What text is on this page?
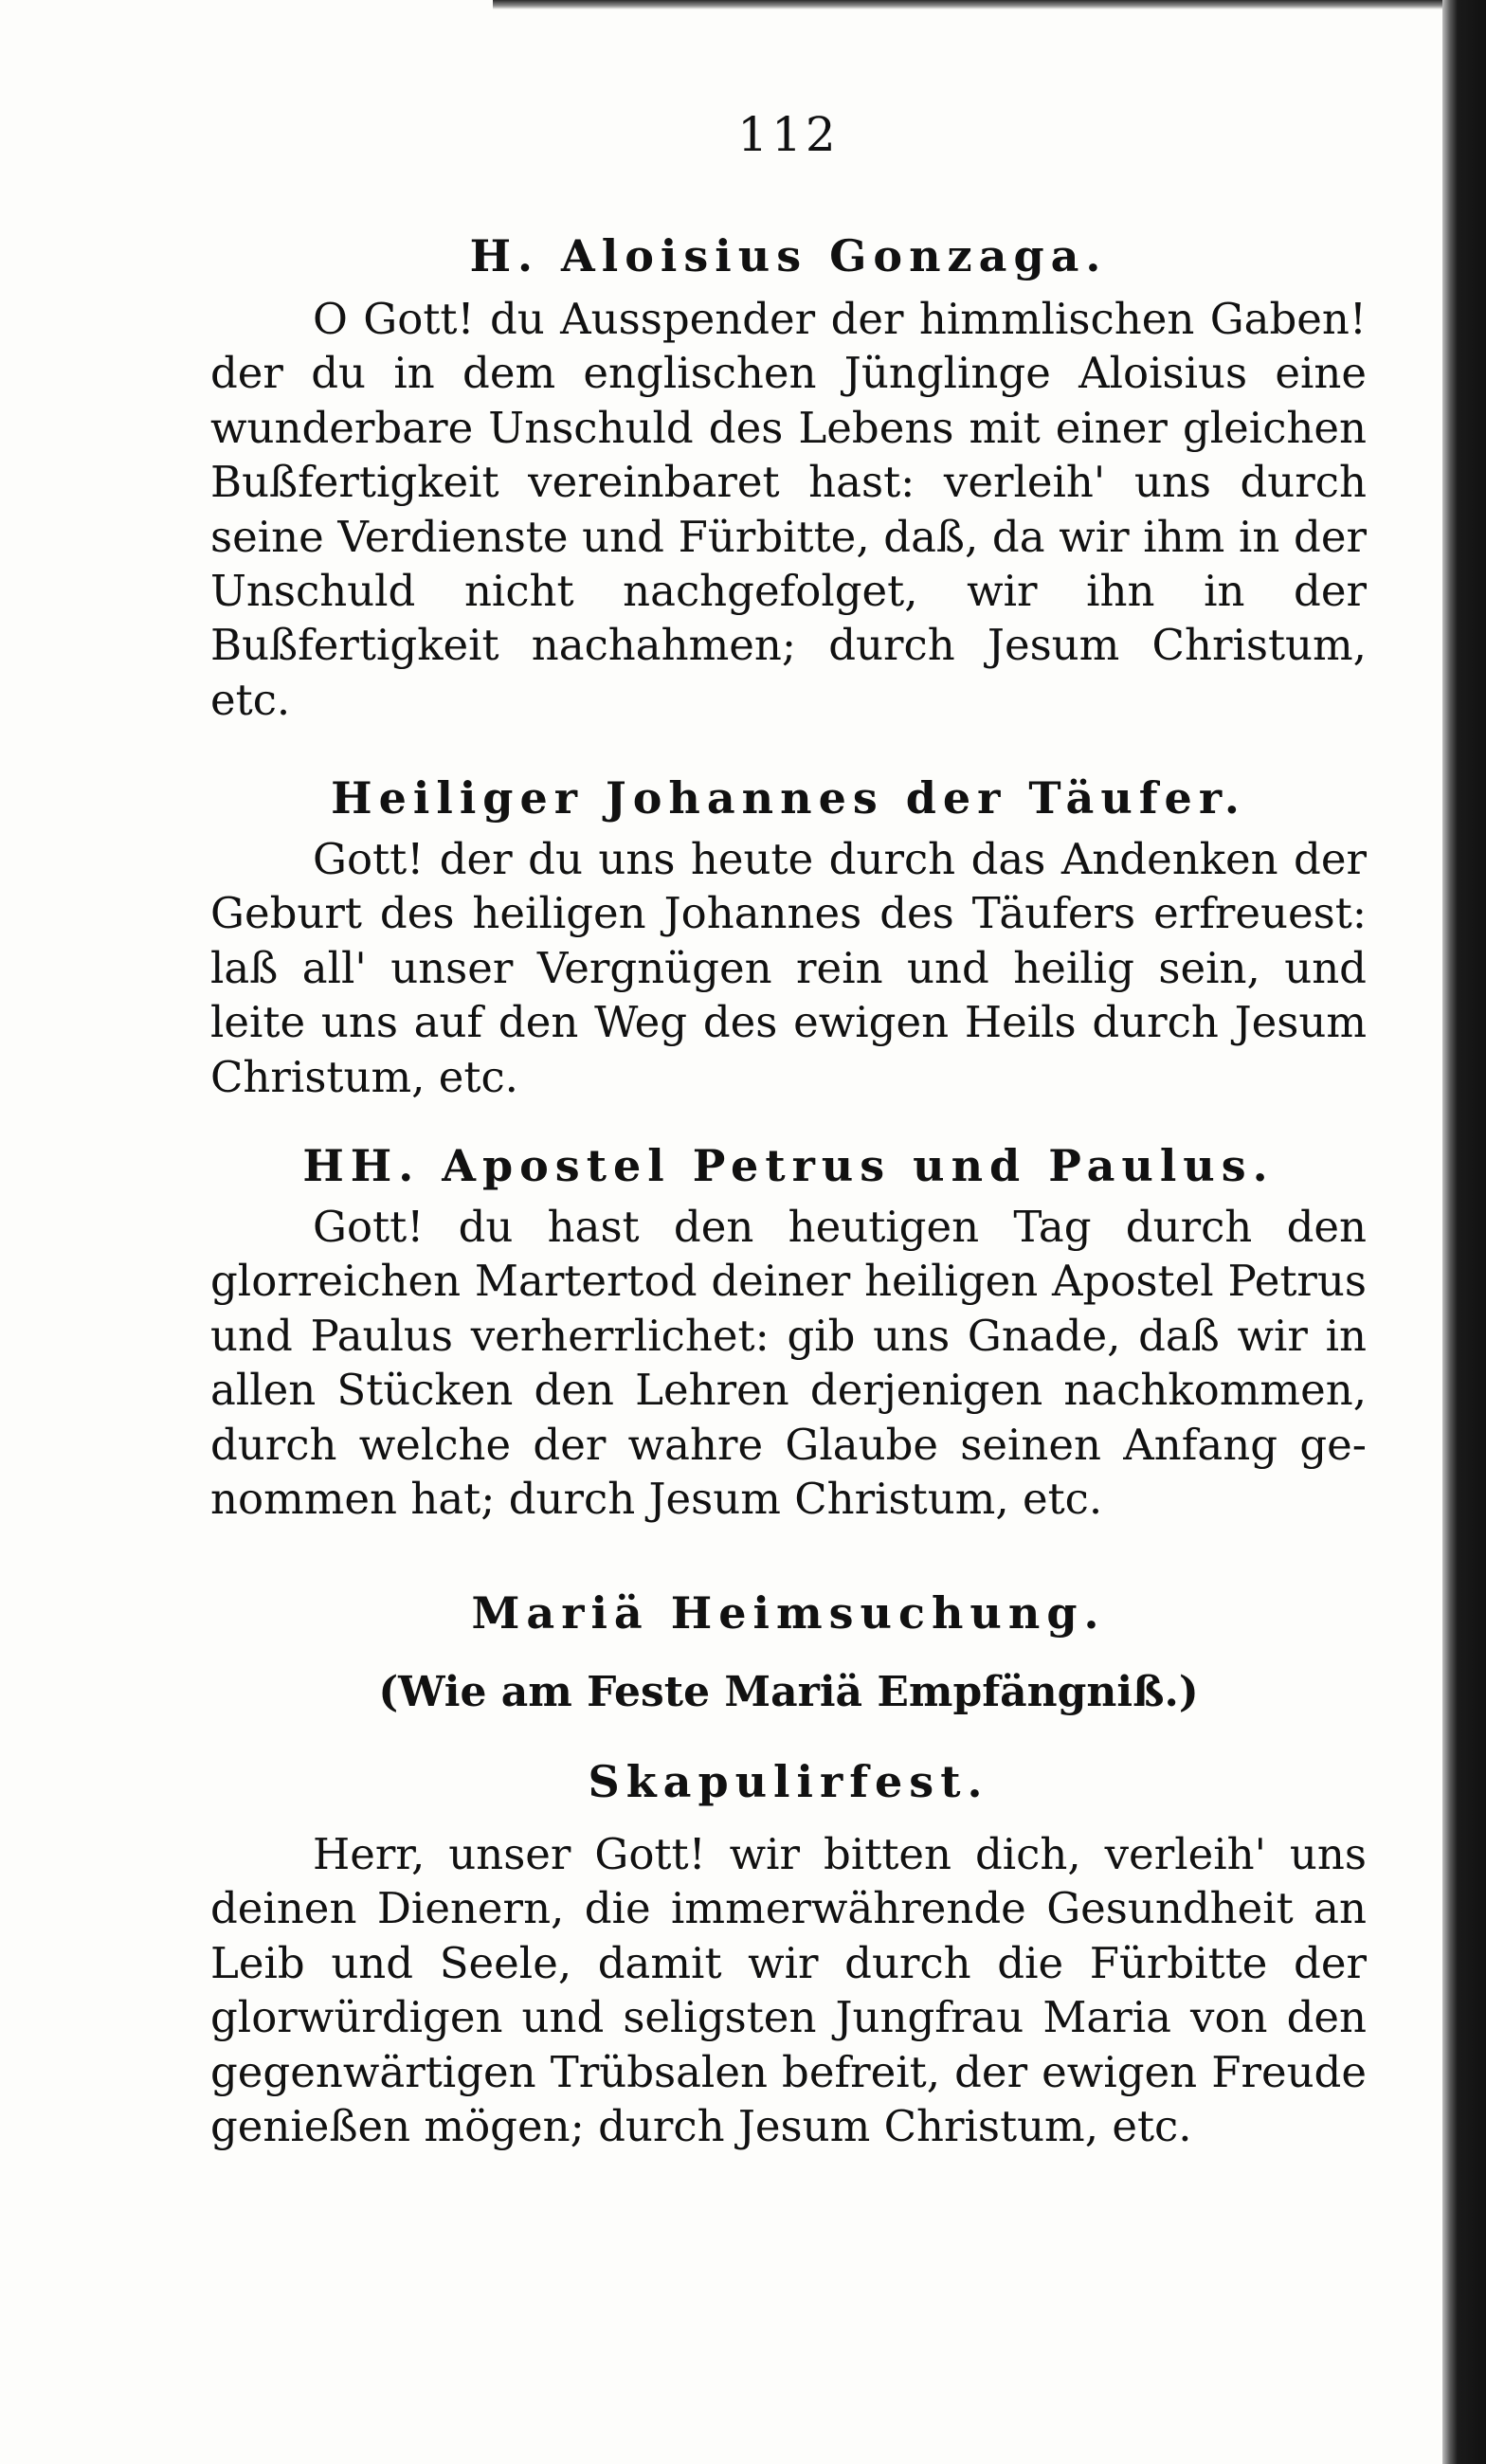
112
H. Aloisius Gonzaga.

O Gott! du Ausspender der himmlischen Gaben! der du in dem englischen Jünglinge Aloisius eine wunderbare Unschuld des Lebens mit einer gleichen Bußfertigkeit vereinbaret hast: verleih' uns durch seine Verdienste und Fürbitte, daß, da wir ihm in der Unschuld nicht nachgefolget, wir ihn in der Bußfertigkeit nachahmen; durch Jesum Christum, etc.

Heiliger Johannes der Täufer.

Gott! der du uns heute durch das Andenken der Geburt des heiligen Johannes des Täufers erfreuest: laß all' unser Vergnügen rein und heilig sein, und leite uns auf den Weg des ewigen Heils durch Jesum Christum, etc.

HH. Apostel Petrus und Paulus.

Gott! du hast den heutigen Tag durch den glorreichen Martertod deiner heiligen Apostel Petrus und Paulus verherrlichet: gib uns Gnade, daß wir in allen Stücken den Lehren derjenigen nachkommen, durch welche der wahre Glaube seinen Anfang genommen hat; durch Jesum Christum, etc.

Mariä Heimsuchung.
(Wie am Feste Mariä Empfängniß.)
Skapulirfest.

Herr, unser Gott! wir bitten dich, verleih' uns deinen Dienern, die immerwährende Gesundheit an Leib und Seele, damit wir durch die Fürbitte der glorwürdigen und seligsten Jungfrau Maria von den gegenwärtigen Trübsalen befreit, der ewigen Freude genießen mögen; durch Jesum Christum, etc.
